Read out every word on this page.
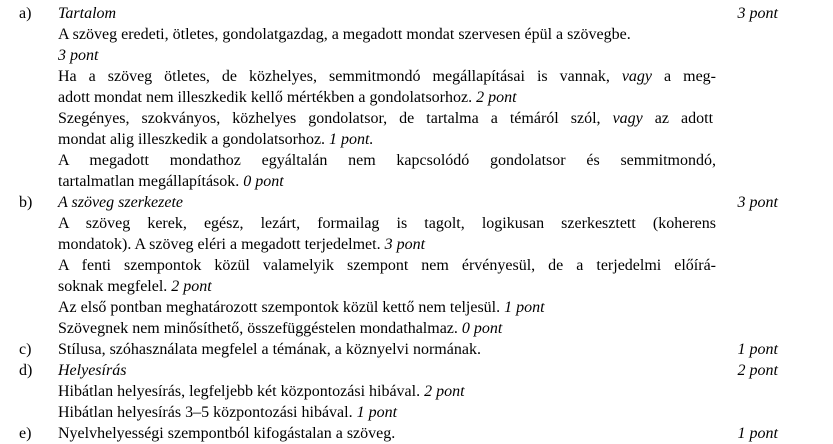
a) Tartalom	3 pont
A szöveg eredeti, ötletes, gondolatgazdag, a megadott mondat szervesen épül a szövegbe.
3 pont
Ha a szöveg ötletes, de közhelyes, semmitmondó megállapításai is vannak, vagy a meg-
adott mondat nem illeszkedik kellő mértékben a gondolatsorhoz. 2 pont
Szegényes, szokványos, közhelyes gondolatsor, de tartalma a témáról szól, vagy az adott
mondat alig illeszkedik a gondolatsorhoz. 1 pont.
A megadott mondathoz egyáltalán nem kapcsolódó gondolatsor és semmitmondó,
tartalmatlan megállapítások. 0 pont
b) A szöveg szerkezete	3 pont
A szöveg kerek, egész, lezárt, formailag is tagolt, logikusan szerkesztett (koherens
mondatok). A szöveg eléri a megadott terjedelmet. 3 pont
A fenti szempontok közül valamelyik szempont nem érvényesül, de a terjedelmi előírá-
soknak megfelel. 2 pont
Az első pontban meghatározott szempontok közül kettő nem teljesül. 1 pont
Szövegnek nem minősíthető, összefüggéstelen mondathalmaz. 0 pont
c) Stílusa, szóhasználata megfelel a témának, a köznyelvi normának.	1 pont
d) Helyesírás	2 pont
Hibátlan helyesírás, legfeljebb két központozási hibával. 2 pont
Hibátlan helyesírás 3–5 központozási hibával. 1 pont
e) Nyelvhelyességi szempontból kifogástalan a szöveg.	1 pont
